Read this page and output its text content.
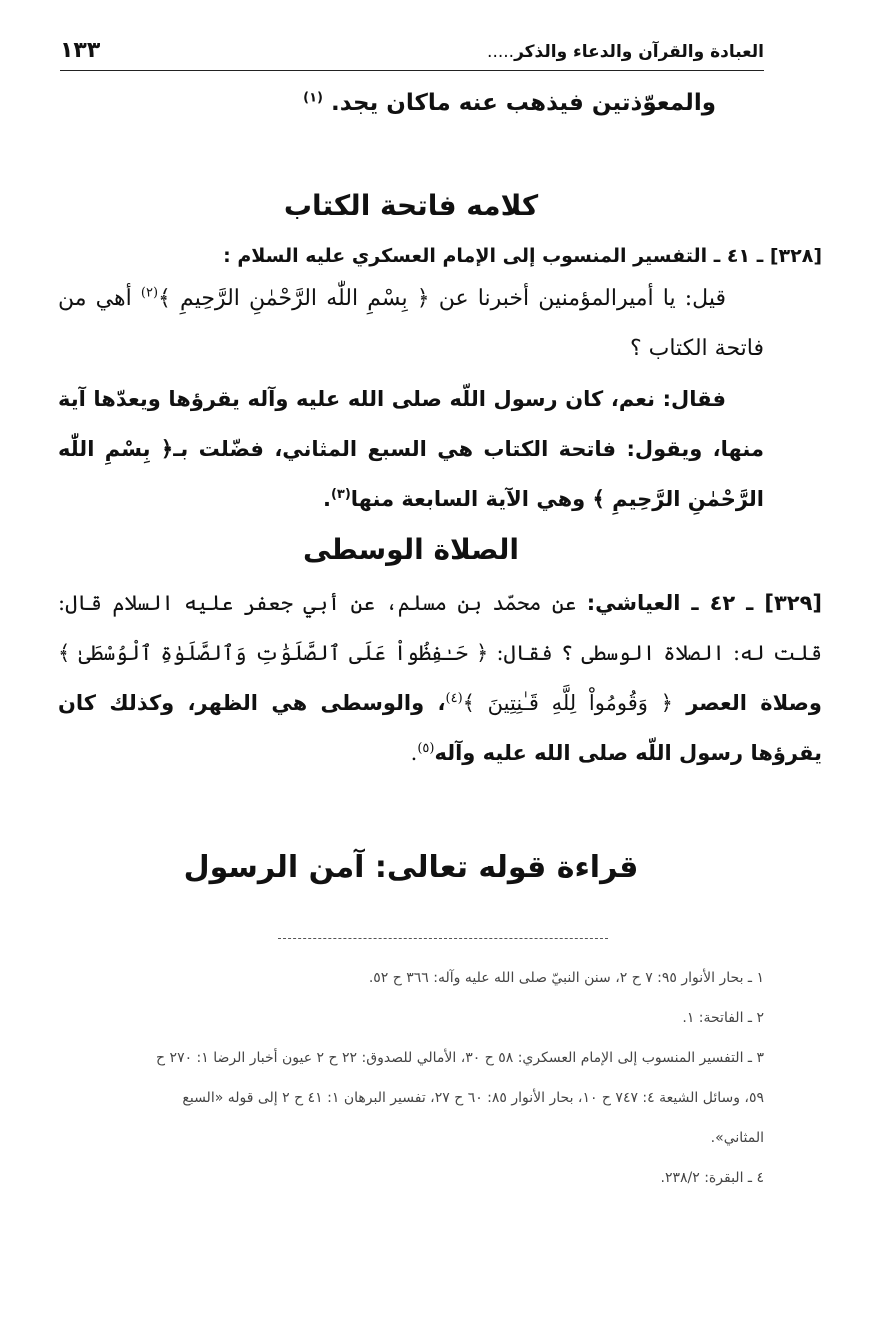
العبادة والقرآن والدعاء والذكر.....
١٣٣
والمعوّذتين فيذهب عنه ماكان يجد. $^{(١)}$
كلامه فاتحة الكتاب
[٣٢٨] ـ ٤١ ـ التفسير المنسوب إلى الإمام العسكري عليه السلام :
قيل: يا أميرالمؤمنين أخبرنا عن ﴿ بِسْمِ اللّٰه الرَّحْمٰنِ الرَّحِيمِ ﴾$^{(٢)}$ أهي من فاتحة الكتاب ؟
فقال: نعم، كان رسول اللّه صلى الله عليه وآله يقرؤها ويعدّها آية منها، ويقول: فاتحة الكتاب هي السبع المثاني، فضّلت بـ﴿ بِسْمِ اللّٰه الرَّحْمٰنِ الرَّحِيمِ ﴾ وهي الآية السابعة منها$^{(٣)}$.
الصلاة الوسطى
[٣٢٩] ـ ٤٢ ـ العياشي: عن محمّد بن مسلم، عن أبي جعفر عليه السلام قال: قلت له: الصلاة الوسطى ؟ فقال: ﴿ حَـٰفِظُواْ عَلَى ٱلصَّلَوَٰتِ وَٱلصَّلَوٰةِ ٱلْوُسْطَىٰ ﴾ وصلاة العصر ﴿ وَقُومُواْ لِلَّهِ قَـٰنِتِينَ ﴾$^{(٤)}$، والوسطى هي الظهر، وكذلك كان يقرؤها رسول اللّه صلى الله عليه وآله$^{(٥)}$.
قراءة قوله تعالى: آمن الرسول
١ ـ بحار الأنوار ٩٥: ٧ ح ٢، سنن النبيّ صلى الله عليه وآله: ٣٦٦ ح ٥٢.
٢ ـ الفاتحة: ١.
٣ ـ التفسير المنسوب إلى الإمام العسكري: ٥٨ ح ٣٠، الأمالي للصدوق: ٢٢ ح ٢ عيون أخبار الرضا ١: ٢٧٠ ح
٥٩، وسائل الشيعة ٤: ٧٤٧ ح ١٠، بحار الأنوار ٨٥: ٦٠ ح ٢٧، تفسير البرهان ١: ٤١ ح ٢ إلى قوله «السبع
المثاني».
٤ ـ البقرة: ٢٣٨/٢.
